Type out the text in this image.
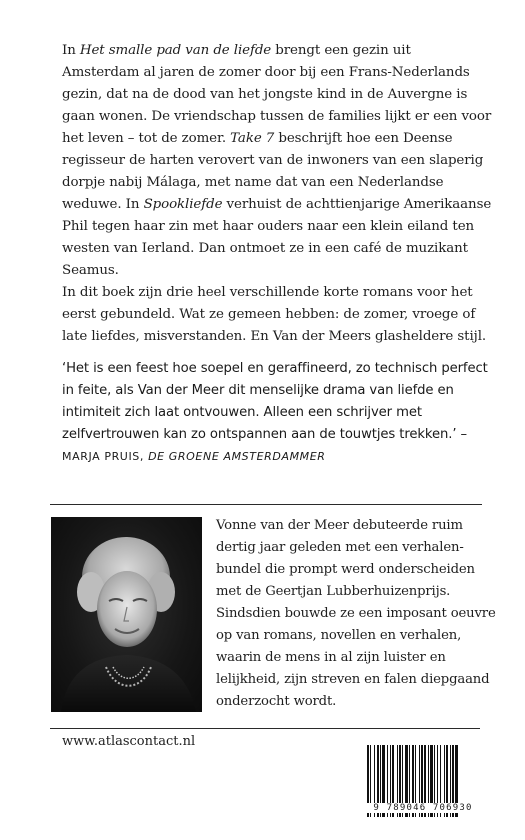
In Het smalle pad van de liefde brengt een gezin uit Amsterdam al jaren de zomer door bij een Frans-Nederlands gezin, dat na de dood van het jongste kind in de Auvergne is gaan wonen. De vriendschap tussen de families lijkt er een voor het leven – tot de zomer. Take 7 beschrijft hoe een Deense regisseur de harten verovert van de inwoners van een slaperig dorpje nabij Málaga, met name dat van een Nederlandse weduwe. In Spookliefde verhuist de achttienjarige Amerikaanse Phil tegen haar zin met haar ouders naar een klein eiland ten westen van Ierland. Dan ontmoet ze in een café de muzikant Seamus.

In dit boek zijn drie heel verschillende korte romans voor het eerst gebundeld. Wat ze gemeen hebben: de zomer, vroege of late liefdes, misverstanden. En Van der Meers glasheldere stijl.

‘Het is een feest hoe soepel en geraffineerd, zo technisch perfect in feite, als Van der Meer dit menselijke drama van liefde en intimiteit zich laat ontvouwen. Alleen een schrijver met zelfvertrouwen kan zo ontspannen aan de touwtjes trekken.’ – MARJA PRUIS, DE GROENE AMSTERDAMMER
Vonne van der Meer debuteerde ruim dertig jaar geleden met een verhalenbundel die prompt werd onderscheiden met de Geertjan Lubberhuizenprijs. Sindsdien bouwde ze een imposant oeuvre op van romans, novellen en verhalen, waarin de mens in al zijn luister en lelijkheid, zijn streven en falen diepgaand onderzocht wordt.
www.atlascontact.nl
9 789046 706930
